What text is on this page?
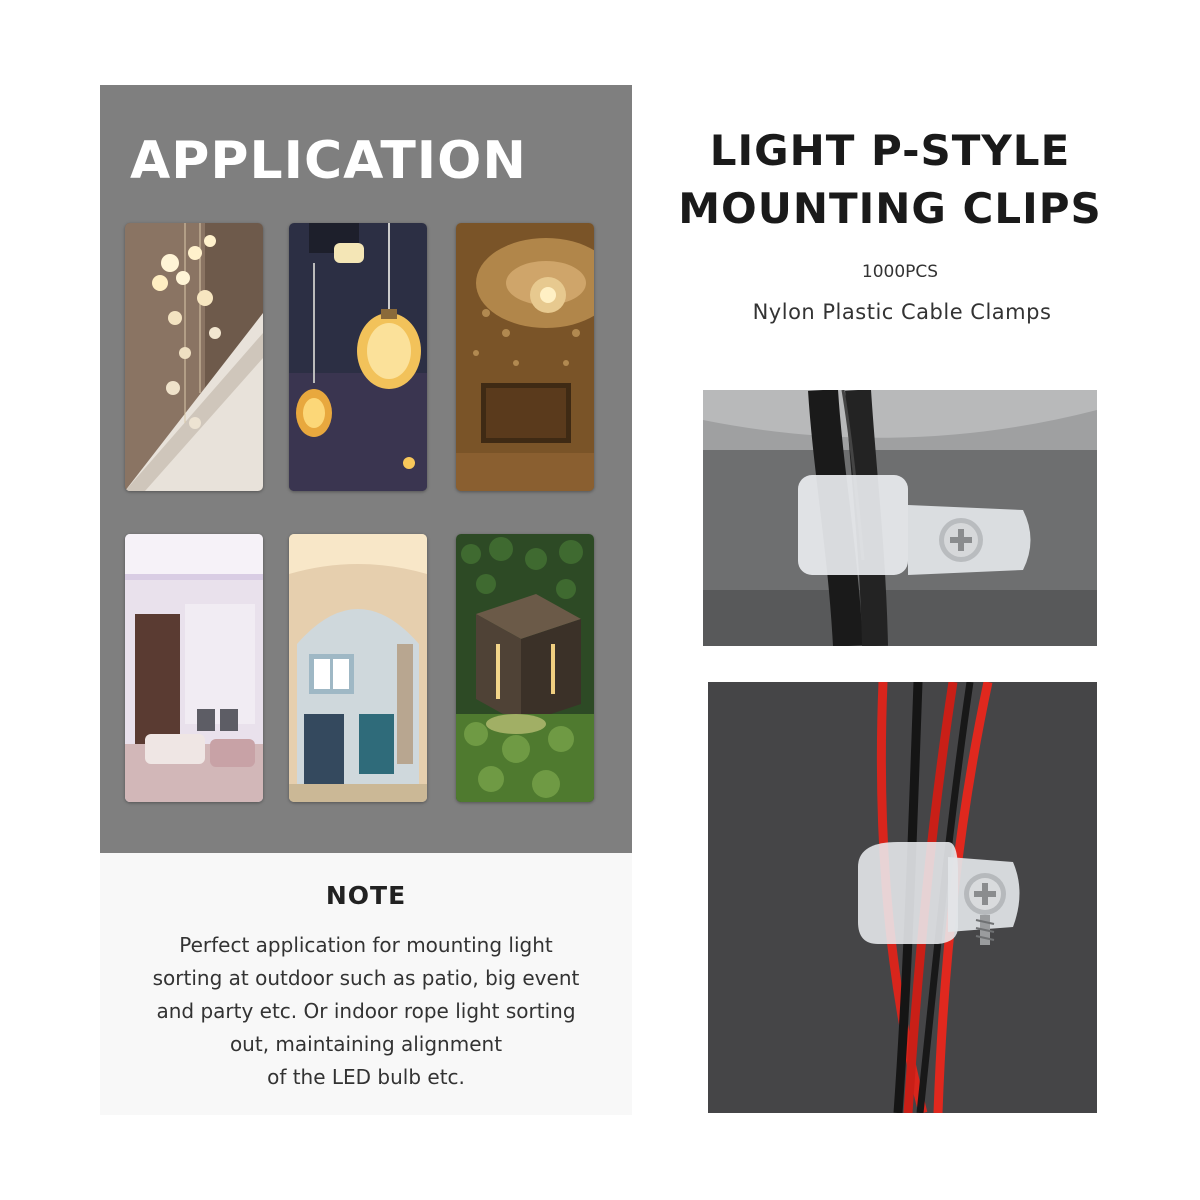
APPLICATION
NOTE
Perfect application for mounting light
sorting at outdoor such as patio, big event
and party etc. Or indoor rope light sorting
out, maintaining alignment
of the LED bulb etc.
LIGHT P-STYLE
MOUNTING CLIPS
1000PCS
Nylon Plastic Cable Clamps
